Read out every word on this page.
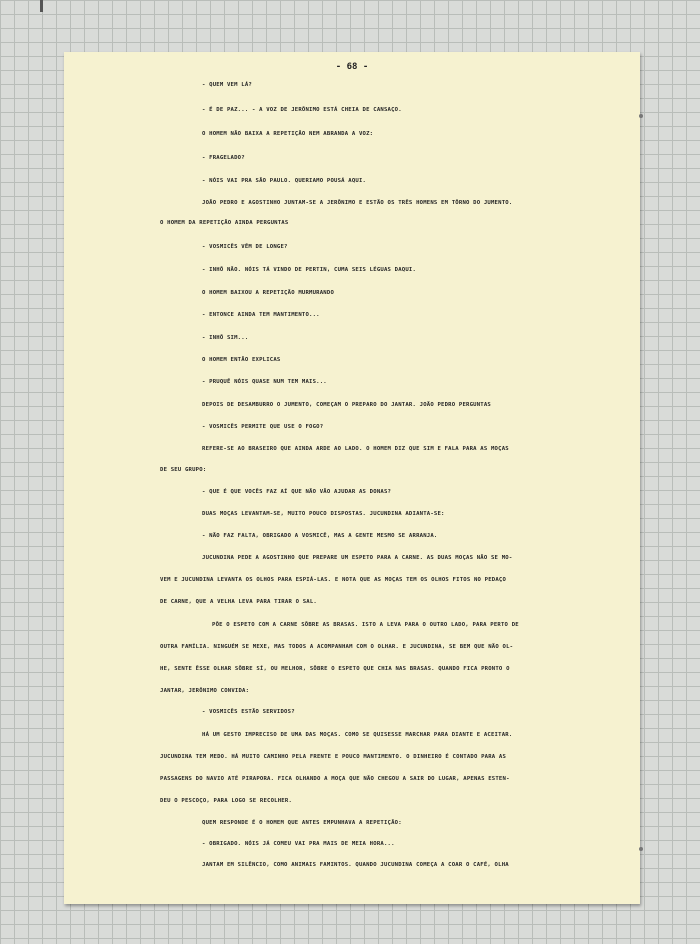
- 68 -
- QUEM VEM LÁ?
- É DE PAZ... - A VOZ DE JERÔNIMO ESTÁ CHEIA DE CANSAÇO.
O HOMEM NÃO BAIXA A REPETIÇÃO NEM ABRANDA A VOZ:
- FRAGELADO?
- NÓIS VAI PRA SÃO PAULO. QUERIAMO POUSÁ AQUI.
JOÃO PEDRO E AGOSTINHO JUNTAM-SE A JERÔNIMO E ESTÃO OS TRÊS HOMENS EM TÔRNO DO JUMENTO.
O HOMEM DA REPETIÇÃO AINDA PERGUNTAS
- VOSMICÊS VÊM DE LONGE?
- INHÔ NÃO. NÓIS TÁ VINDO DE PERTIN, CUMA SEIS LÉGUAS DAQUI.
O HOMEM BAIXOU A REPETIÇÃO MURMURANDO
- ENTONCE AINDA TEM MANTIMENTO...
- INHÔ SIM...
O HOMEM ENTÃO EXPLICAS
- PRUQUÊ NÓIS QUASE NUM TEM MAIS...
DEPOIS DE DESAMBURRO O JUMENTO, COMEÇAM O PREPARO DO JANTAR. JOÃO PEDRO PERGUNTAS
- VOSMICÊS PERMITE QUE USE O FOGO?
REFERE-SE AO BRASEIRO QUE AINDA ARDE AO LADO. O HOMEM DIZ QUE SIM E FALA PARA AS MOÇAS
DE SEU GRUPO:
- QUE É QUE VOCÊS FAZ AÍ QUE NÃO VÃO AJUDAR AS DONAS?
DUAS MOÇAS LEVANTAM-SE, MUITO POUCO DISPOSTAS. JUCUNDINA ADIANTA-SE:
- NÃO FAZ FALTA, OBRIGADO A VOSMICÊ, MAS A GENTE MESMO SE ARRANJA.
JUCUNDINA PEDE A AGOSTINHO QUE PREPARE UM ESPETO PARA A CARNE. AS DUAS MOÇAS NÃO SE MO-
VEM E JUCUNDINA LEVANTA OS OLHOS PARA ESPIÁ-LAS. E NOTA QUE AS MOÇAS TEM OS OLHOS FITOS NO PEDAÇO
DE CARNE, QUE A VELHA LEVA PARA TIRAR O SAL.
PÕE O ESPETO COM A CARNE SÔBRE AS BRASAS. ISTO A LEVA PARA O OUTRO LADO, PARA PERTO DE
OUTRA FAMÍLIA. NINGUÉM SE MEXE, MAS TODOS A ACOMPANHAM COM O OLHAR. E JUCUNDINA, SE BEM QUE NÃO OL-
HE, SENTE ÊSSE OLHAR SÔBRE SÍ, OU MELHOR, SÔBRE O ESPETO QUE CHIA NAS BRASAS. QUANDO FICA PRONTO O
JANTAR, JERÔNIMO CONVIDA:
- VOSMICÊS ESTÃO SERVIDOS?
HÁ UM GESTO IMPRECISO DE UMA DAS MOÇAS. COMO SE QUISESSE MARCHAR PARA DIANTE E ACEITAR.
JUCUNDINA TEM MEDO. HÁ MUITO CAMINHO PELA FRENTE E POUCO MANTIMENTO. O DINHEIRO É CONTADO PARA AS
PASSAGENS DO NAVIO ATÉ PIRAPORA. FICA OLHANDO A MOÇA QUE NÃO CHEGOU A SAIR DO LUGAR, APENAS ESTEN-
DEU O PESCOÇO, PARA LOGO SE RECOLHER.
QUEM RESPONDE É O HOMEM QUE ANTES EMPUNHAVA A REPETIÇÃO:
- OBRIGADO. NÓIS JÁ COMEU VAI PRA MAIS DE MEIA HORA...
JANTAM EM SILÊNCIO, COMO ANIMAIS FAMINTOS. QUANDO JUCUNDINA COMEÇA A COAR O CAFÉ, OLHA
